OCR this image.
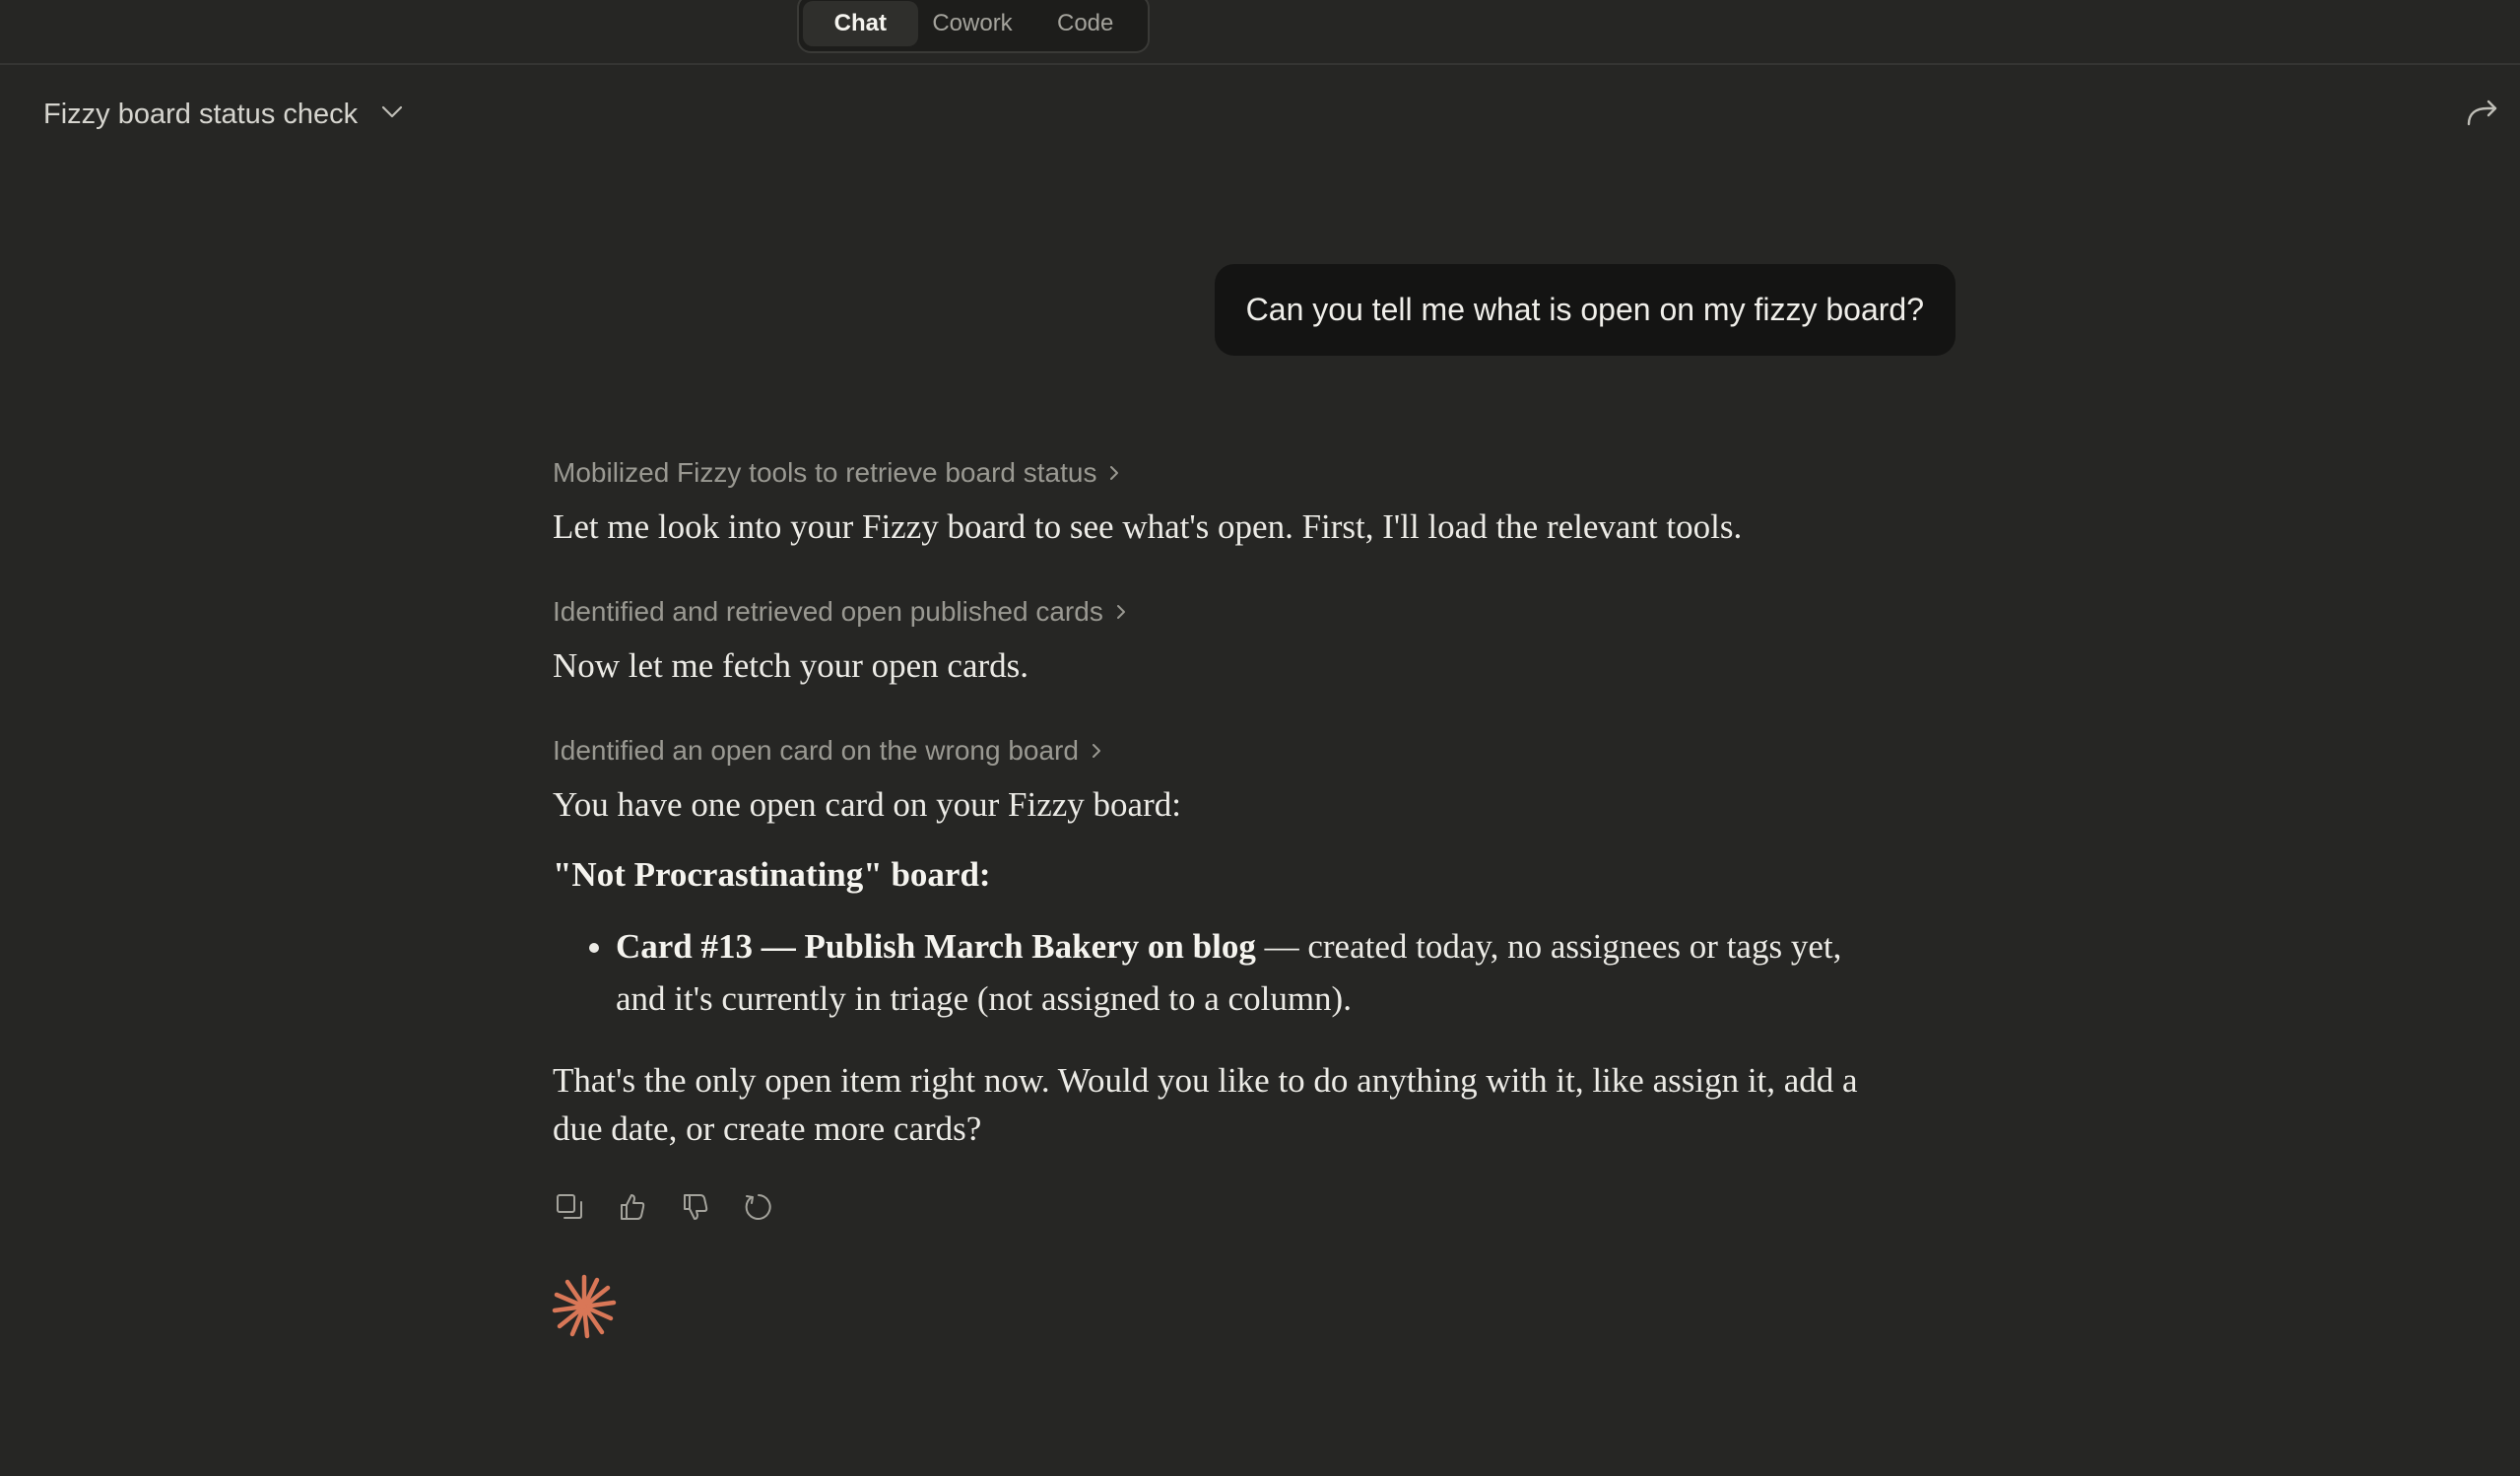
Chat	Cowork	Code
Fizzy board status check
Can you tell me what is open on my fizzy board?
Mobilized Fizzy tools to retrieve board status
Let me look into your Fizzy board to see what's open. First, I'll load the relevant tools.
Identified and retrieved open published cards
Now let me fetch your open cards.
Identified an open card on the wrong board
You have one open card on your Fizzy board:
"Not Procrastinating" board:
• Card #13 — Publish March Bakery on blog — created today, no assignees or tags yet, and it's currently in triage (not assigned to a column).
That's the only open item right now. Would you like to do anything with it, like assign it, add a due date, or create more cards?
